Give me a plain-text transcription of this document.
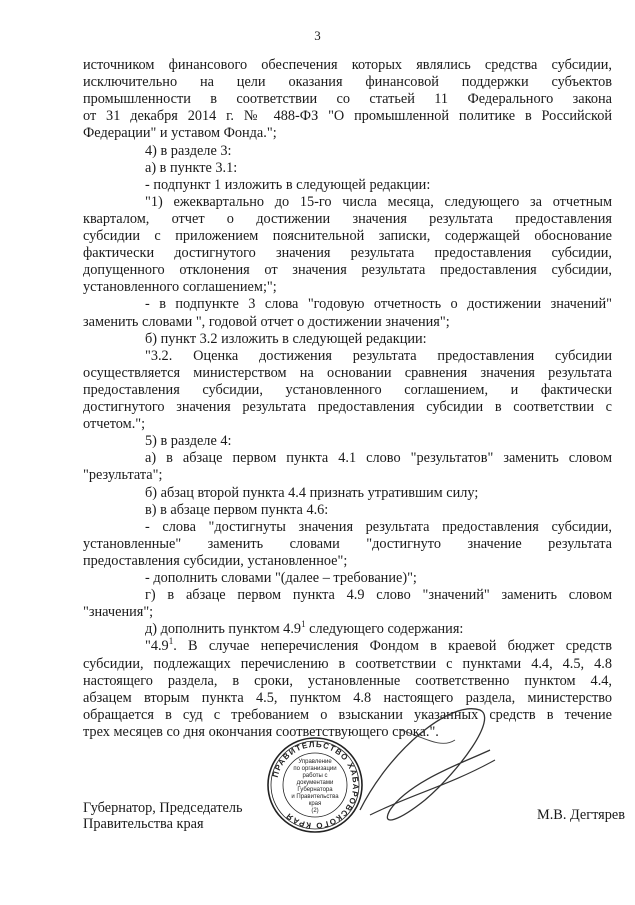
3
источником финансового обеспечения которых являлись средства субсидии,
исключительно на цели оказания финансовой поддержки субъектов
промышленности в соответствии со статьей 11 Федерального закона
от 31 декабря 2014 г. № 488-ФЗ "О промышленной политике в Российской
Федерации" и уставом Фонда.";
4) в разделе 3:
а) в пункте 3.1:
- подпункт 1 изложить в следующей редакции:
"1) ежеквартально до 15-го числа месяца, следующего за отчетным
кварталом, отчет о достижении значения результата предоставления
субсидии с приложением пояснительной записки, содержащей обоснование
фактически достигнутого значения результата предоставления субсидии,
допущенного отклонения от значения результата предоставления субсидии,
установленного соглашением;";
- в подпункте 3 слова "годовую отчетность о достижении значений"
заменить словами ", годовой отчет о достижении значения";
б) пункт 3.2 изложить в следующей редакции:
"3.2. Оценка достижения результата предоставления субсидии
осуществляется министерством на основании сравнения значения результата
предоставления субсидии, установленного соглашением, и фактически
достигнутого значения результата предоставления субсидии в соответствии с
отчетом.";
5) в разделе 4:
а) в абзаце первом пункта 4.1 слово "результатов" заменить словом
"результата";
б) абзац второй пункта 4.4 признать утратившим силу;
в) в абзаце первом пункта 4.6:
- слова "достигнуты значения результата предоставления субсидии,
установленные" заменить словами "достигнуто значение результата
предоставления субсидии, установленное";
- дополнить словами "(далее – требование)";
г) в абзаце первом пункта 4.9 слово "значений" заменить словом
"значения";
д) дополнить пунктом $4.9^1$ следующего содержания:
"$4.9^1$. В случае неперечисления Фондом в краевой бюджет средств
субсидии, подлежащих перечислению в соответствии с пунктами 4.4, 4.5, 4.8
настоящего раздела, в сроки, установленные соответственно пунктом 4.4,
абзацем вторым пункта 4.5, пунктом 4.8 настоящего раздела, министерство
обращается в суд с требованием о взыскании указанных средств в течение
трех месяцев со дня окончания соответствующего срока.".
ПРАВИТЕЛЬСТВО ХАБАРОВСКОГО КРАЯ
Управление
по организации
работы с документами
Губернатора
и Правительства
края
(2)
Губернатор, Председатель
Правительства края
М.В. Дегтярев
